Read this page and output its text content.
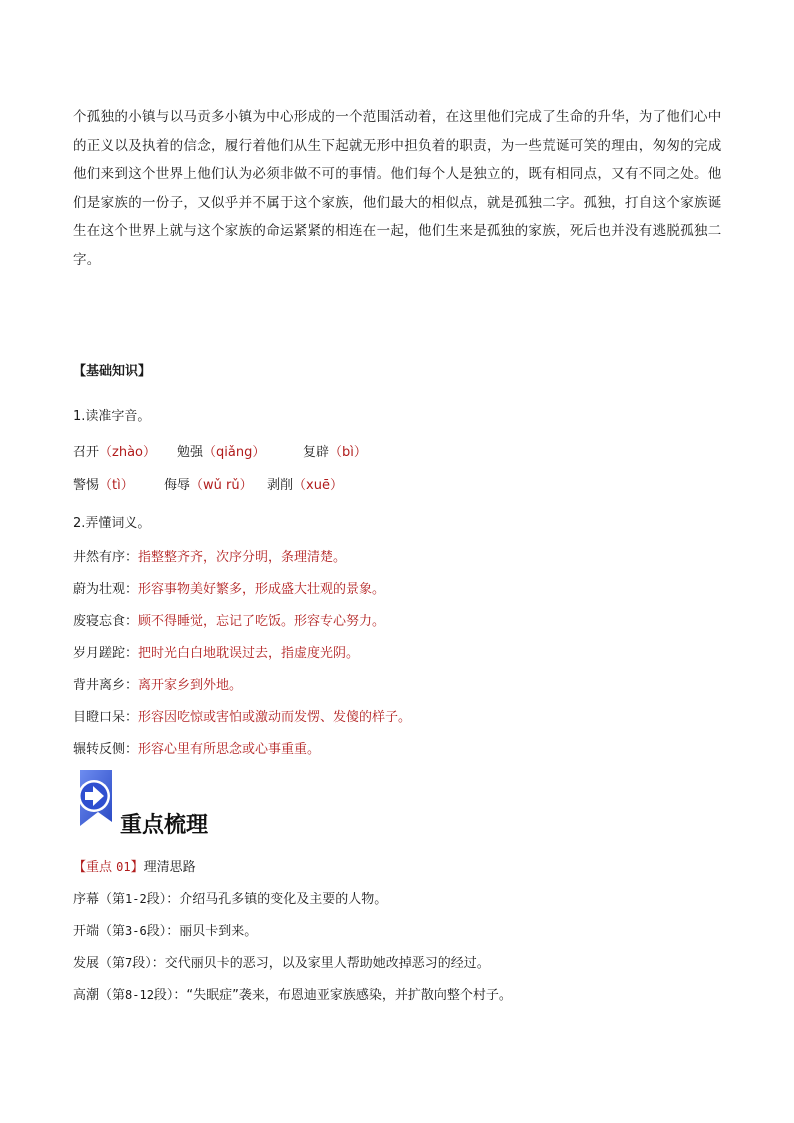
个孤独的小镇与以马贡多小镇为中心形成的一个范围活动着，在这里他们完成了生命的升华，为了他们心中

的正义以及执着的信念，履行着他们从生下起就无形中担负着的职责，为一些荒诞可笑的理由，匆匆的完成

他们来到这个世界上他们认为必须非做不可的事情。他们每个人是独立的，既有相同点，又有不同之处。他

们是家族的一份子，又似乎并不属于这个家族，他们最大的相似点，就是孤独二字。孤独，打自这个家族诞

生在这个世界上就与这个家族的命运紧紧的相连在一起，他们生来是孤独的家族，死后也并没有逃脱孤独二

字。

【基础知识】
1.读准字音。
召开（zhào） 勉强（qiǎng）	复辟（bì）
警惕（tì） 侮辱（wǔ rǔ） 剥削（xuē）
2.弄懂词义。
井然有序：指整整齐齐，次序分明，条理清楚。
蔚为壮观：形容事物美好繁多，形成盛大壮观的景象。
废寝忘食：顾不得睡觉，忘记了吃饭。形容专心努力。
岁月蹉跎：把时光白白地耽误过去，指虚度光阴。
背井离乡：离开家乡到外地。
目瞪口呆：形容因吃惊或害怕或激动而发愣、发傻的样子。
辗转反侧：形容心里有所思念或心事重重。
重点梳理
【重点 01】理清思路
序幕（第1-2段）：介绍马孔多镇的变化及主要的人物。
开端（第3-6段）：丽贝卡到来。
发展（第7段）：交代丽贝卡的恶习，以及家里人帮助她改掉恶习的经过。
高潮（第8-12段）：“失眠症”袭来，布恩迪亚家族感染，并扩散向整个村子。
